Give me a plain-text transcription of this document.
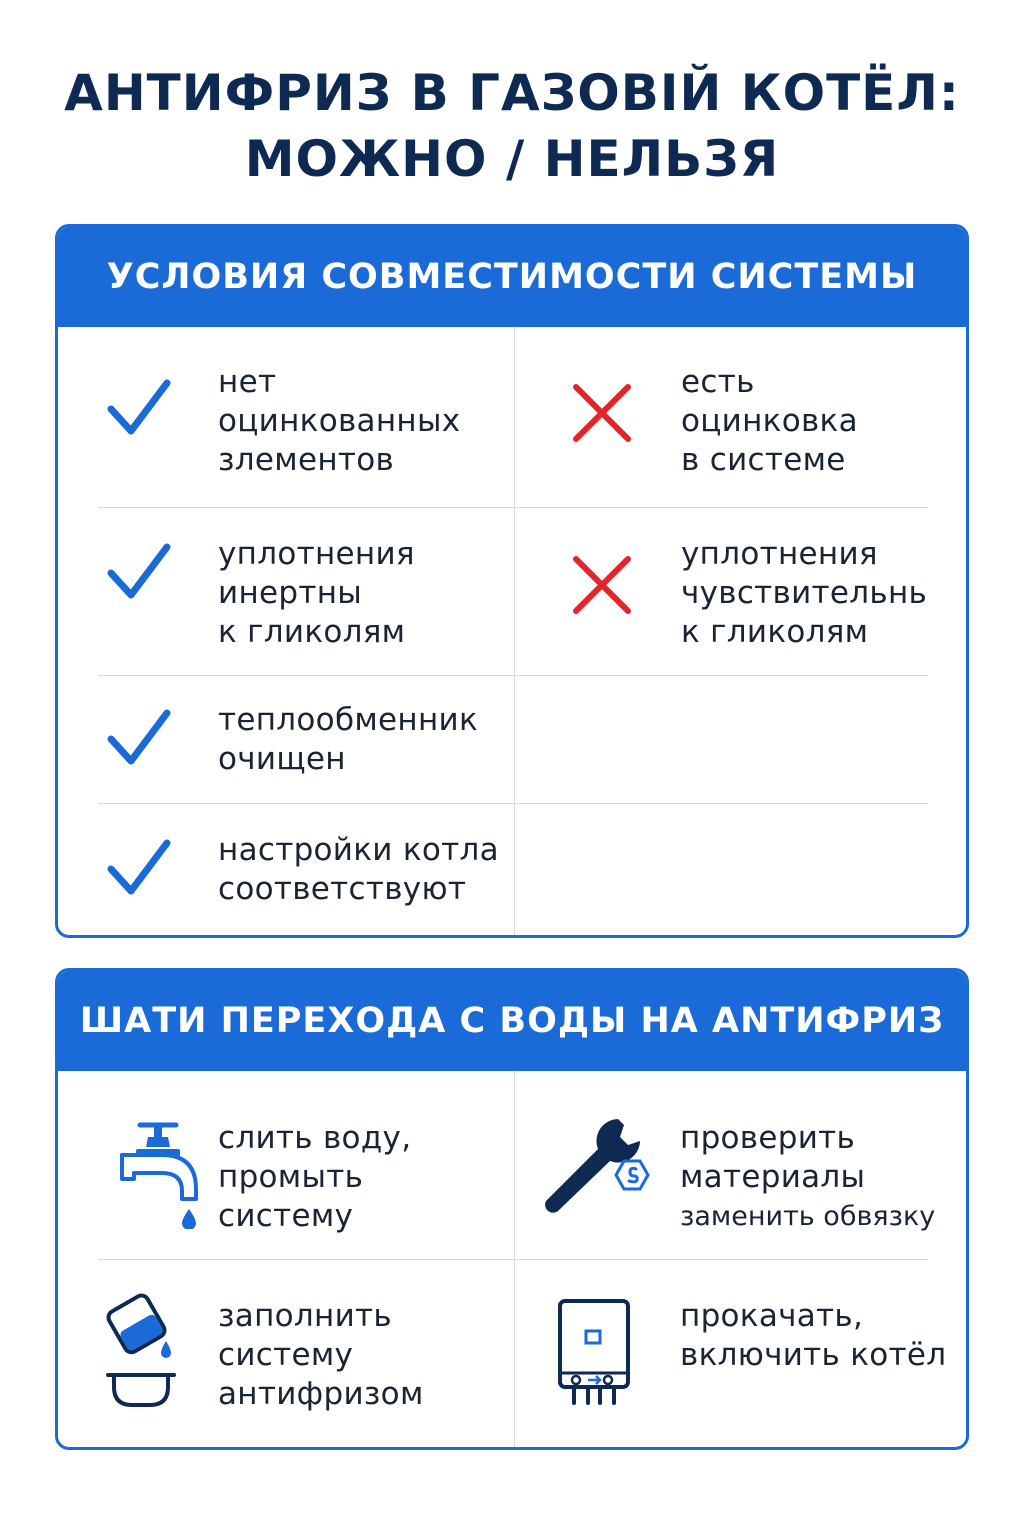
АНТИФРИЗ В ГАЗОВІЙ КОТЁЛ:
МОЖНО / НЕЛЬЗЯ
УСЛОВИЯ СОВМЕСТИМОСТИ СИСТЕМЫ
нет
оцинкованных
злементов
уплотнения
инертны
к гликолям
теплообменник
очищен
настройки котла
соответствуют
есть
оцинковка
в системе
уплотнения
чувствительнь
к гликолям
ШАТИ ПЕРЕХОДА С ВОДЫ НА ANТИФРИЗ
слить воду,
промыть
систему
проверить
материалы
заменить обвязку
заполнить
систему
антифризом
прокачать,
включить котёл
